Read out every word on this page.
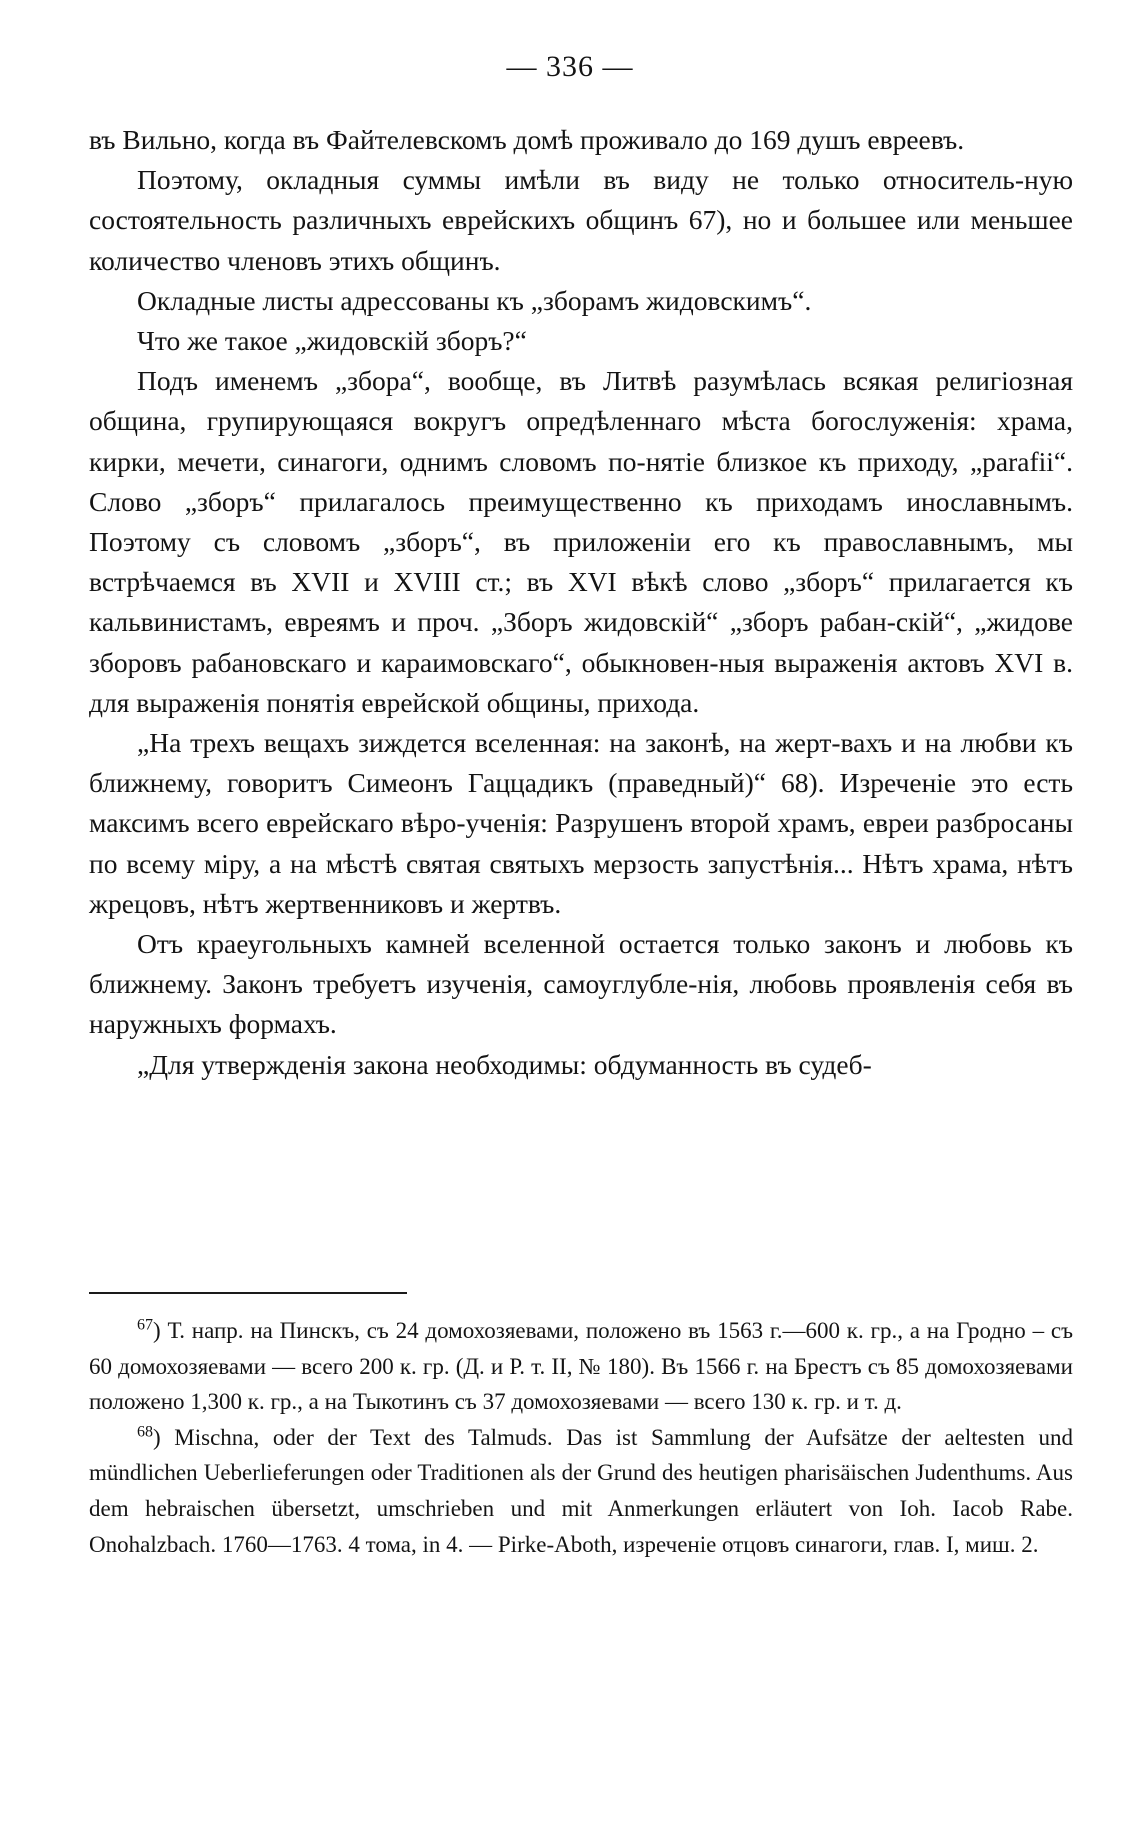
— 336 —

въ Вильно, когда въ Файтелевскомъ домѣ проживало до 169 душъ евреевъ.

Поэтому, окладныя суммы имѣли въ виду не только относитель-ную состоятельность различныхъ еврейскихъ общинъ 67), но и большее или меньшее количество членовъ этихъ общинъ.

Окладные листы адрессованы къ „зборамъ жидовскимъ“.

Что же такое „жидовскій зборъ?“

Подъ именемъ „збора“, вообще, въ Литвѣ разумѣлась всякая религіозная община, групирующаяся вокругъ опредѣленнаго мѣста богослуженія: храма, кирки, мечети, синагоги, однимъ словомъ по-нятіе близкое къ приходу, „parafii“. Слово „зборъ“ прилагалось преимущественно къ приходамъ инославнымъ. Поэтому съ словомъ „зборъ“, въ приложеніи его къ православнымъ, мы встрѣчаемся въ XVII и XVIII ст.; въ XVI вѣкѣ слово „зборъ“ прилагается къ кальвинистамъ, евреямъ и проч. „Зборъ жидовскій“ „зборъ рабан-скій“, „жидове зборовъ рабановскаго и караимовскаго“, обыкновен-ныя выраженія актовъ XVI в. для выраженія понятія еврейской общины, прихода.

„На трехъ вещахъ зиждется вселенная: на законѣ, на жерт-вахъ и на любви къ ближнему, говоритъ Симеонъ Гаццадикъ (праведный)“ 68). Изреченіе это есть максимъ всего еврейскаго вѣро-ученія: Разрушенъ второй храмъ, евреи разбросаны по всему міру, а на мѣстѣ святая святыхъ мерзость запустѣнія... Нѣтъ храма, нѣтъ жрецовъ, нѣтъ жертвенниковъ и жертвъ.

Отъ краеугольныхъ камней вселенной остается только законъ и любовь къ ближнему. Законъ требуетъ изученія, самоуглубле-нія, любовь проявленія себя въ наружныхъ формахъ.

„Для утвержденія закона необходимы: обдуманность въ судеб-

$^{67}$) Т. напр. на Пинскъ, съ 24 домохозяевами, положено въ 1563 г.—600 к. гр., а на Гродно – съ 60 домохозяевами — всего 200 к. гр. (Д. и Р. т. II, № 180). Въ 1566 г. на Брестъ съ 85 домохозяевами положено 1,300 к. гр., а на Тыкотинъ съ 37 домохозяевами — всего 130 к. гр. и т. д.

$^{68}$) Mischna, oder der Text des Talmuds. Das ist Sammlung der Aufsätze der aeltesten und mündlichen Ueberlieferungen oder Traditionen als der Grund des heutigen pharisäischen Judenthums. Aus dem hebraischen übersetzt, umschrieben und mit Anmerkungen erläutert von Ioh. Iacob Rabe. Onohalzbach. 1760—1763. 4 тома, in 4. — Pirke-Aboth, изреченіе отцовъ синагоги, глав. I, миш. 2.
